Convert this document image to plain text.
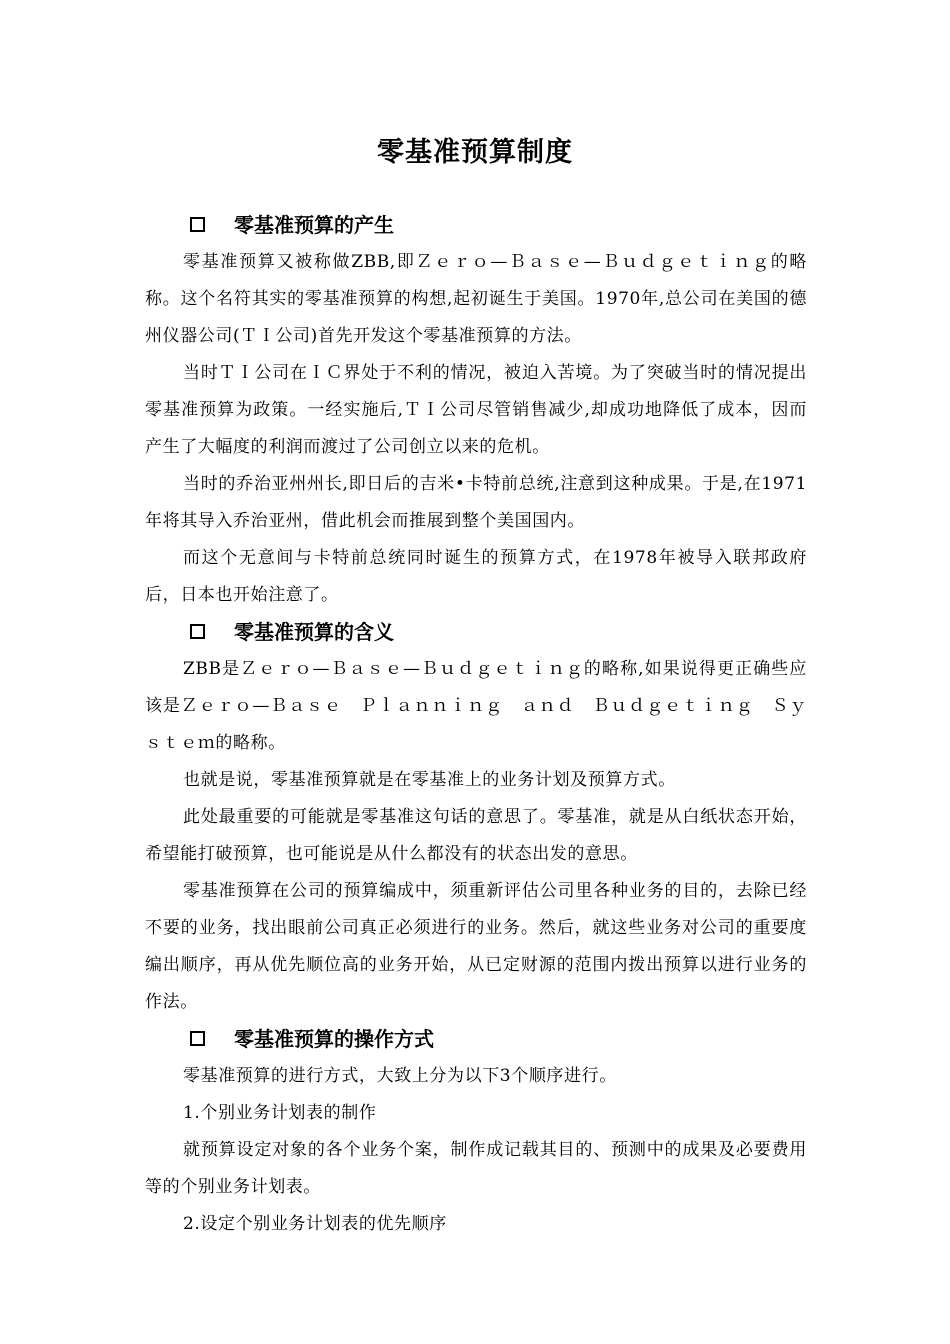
零基准预算制度
零基准预算的产生

零基准预算又被称做ZBB,即Ｚｅｒｏ—Ｂａｓｅ—Ｂｕｄｇｅｔｉｎｇ的略称。这个名符其实的零基准预算的构想,起初诞生于美国。1970年,总公司在美国的德州仪器公司(ＴＩ公司)首先开发这个零基准预算的方法。

当时ＴＩ公司在ＩＣ界处于不利的情况，被迫入苦境。为了突破当时的情况提出零基准预算为政策。一经实施后,ＴＩ公司尽管销售减少,却成功地降低了成本，因而产生了大幅度的利润而渡过了公司创立以来的危机。

当时的乔治亚州州长,即日后的吉米•卡特前总统,注意到这种成果。于是,在1971年将其导入乔治亚州，借此机会而推展到整个美国国内。

而这个无意间与卡特前总统同时诞生的预算方式，在1978年被导入联邦政府后，日本也开始注意了。

零基准预算的含义

ZBB是Ｚｅｒｏ—Ｂａｓｅ—Ｂｕｄｇｅｔｉｎｇ的略称,如果说得更正确些应该是Ｚｅｒｏ—Ｂａｓｅ　Ｐｌａｎｎｉｎｇ　ａｎｄ　Ｂｕｄｇｅｔｉｎｇ　Ｓｙｓｔｅｍ的略称。

也就是说，零基准预算就是在零基准上的业务计划及预算方式。

此处最重要的可能就是零基准这句话的意思了。零基准，就是从白纸状态开始，希望能打破预算，也可能说是从什么都没有的状态出发的意思。

零基准预算在公司的预算编成中，须重新评估公司里各种业务的目的，去除已经不要的业务，找出眼前公司真正必须进行的业务。然后，就这些业务对公司的重要度编出顺序，再从优先顺位高的业务开始，从已定财源的范围内拨出预算以进行业务的作法。

零基准预算的操作方式

零基准预算的进行方式，大致上分为以下3个顺序进行。

1.个别业务计划表的制作

就预算设定对象的各个业务个案，制作成记载其目的、预测中的成果及必要费用等的个别业务计划表。

2.设定个别业务计划表的优先顺序
